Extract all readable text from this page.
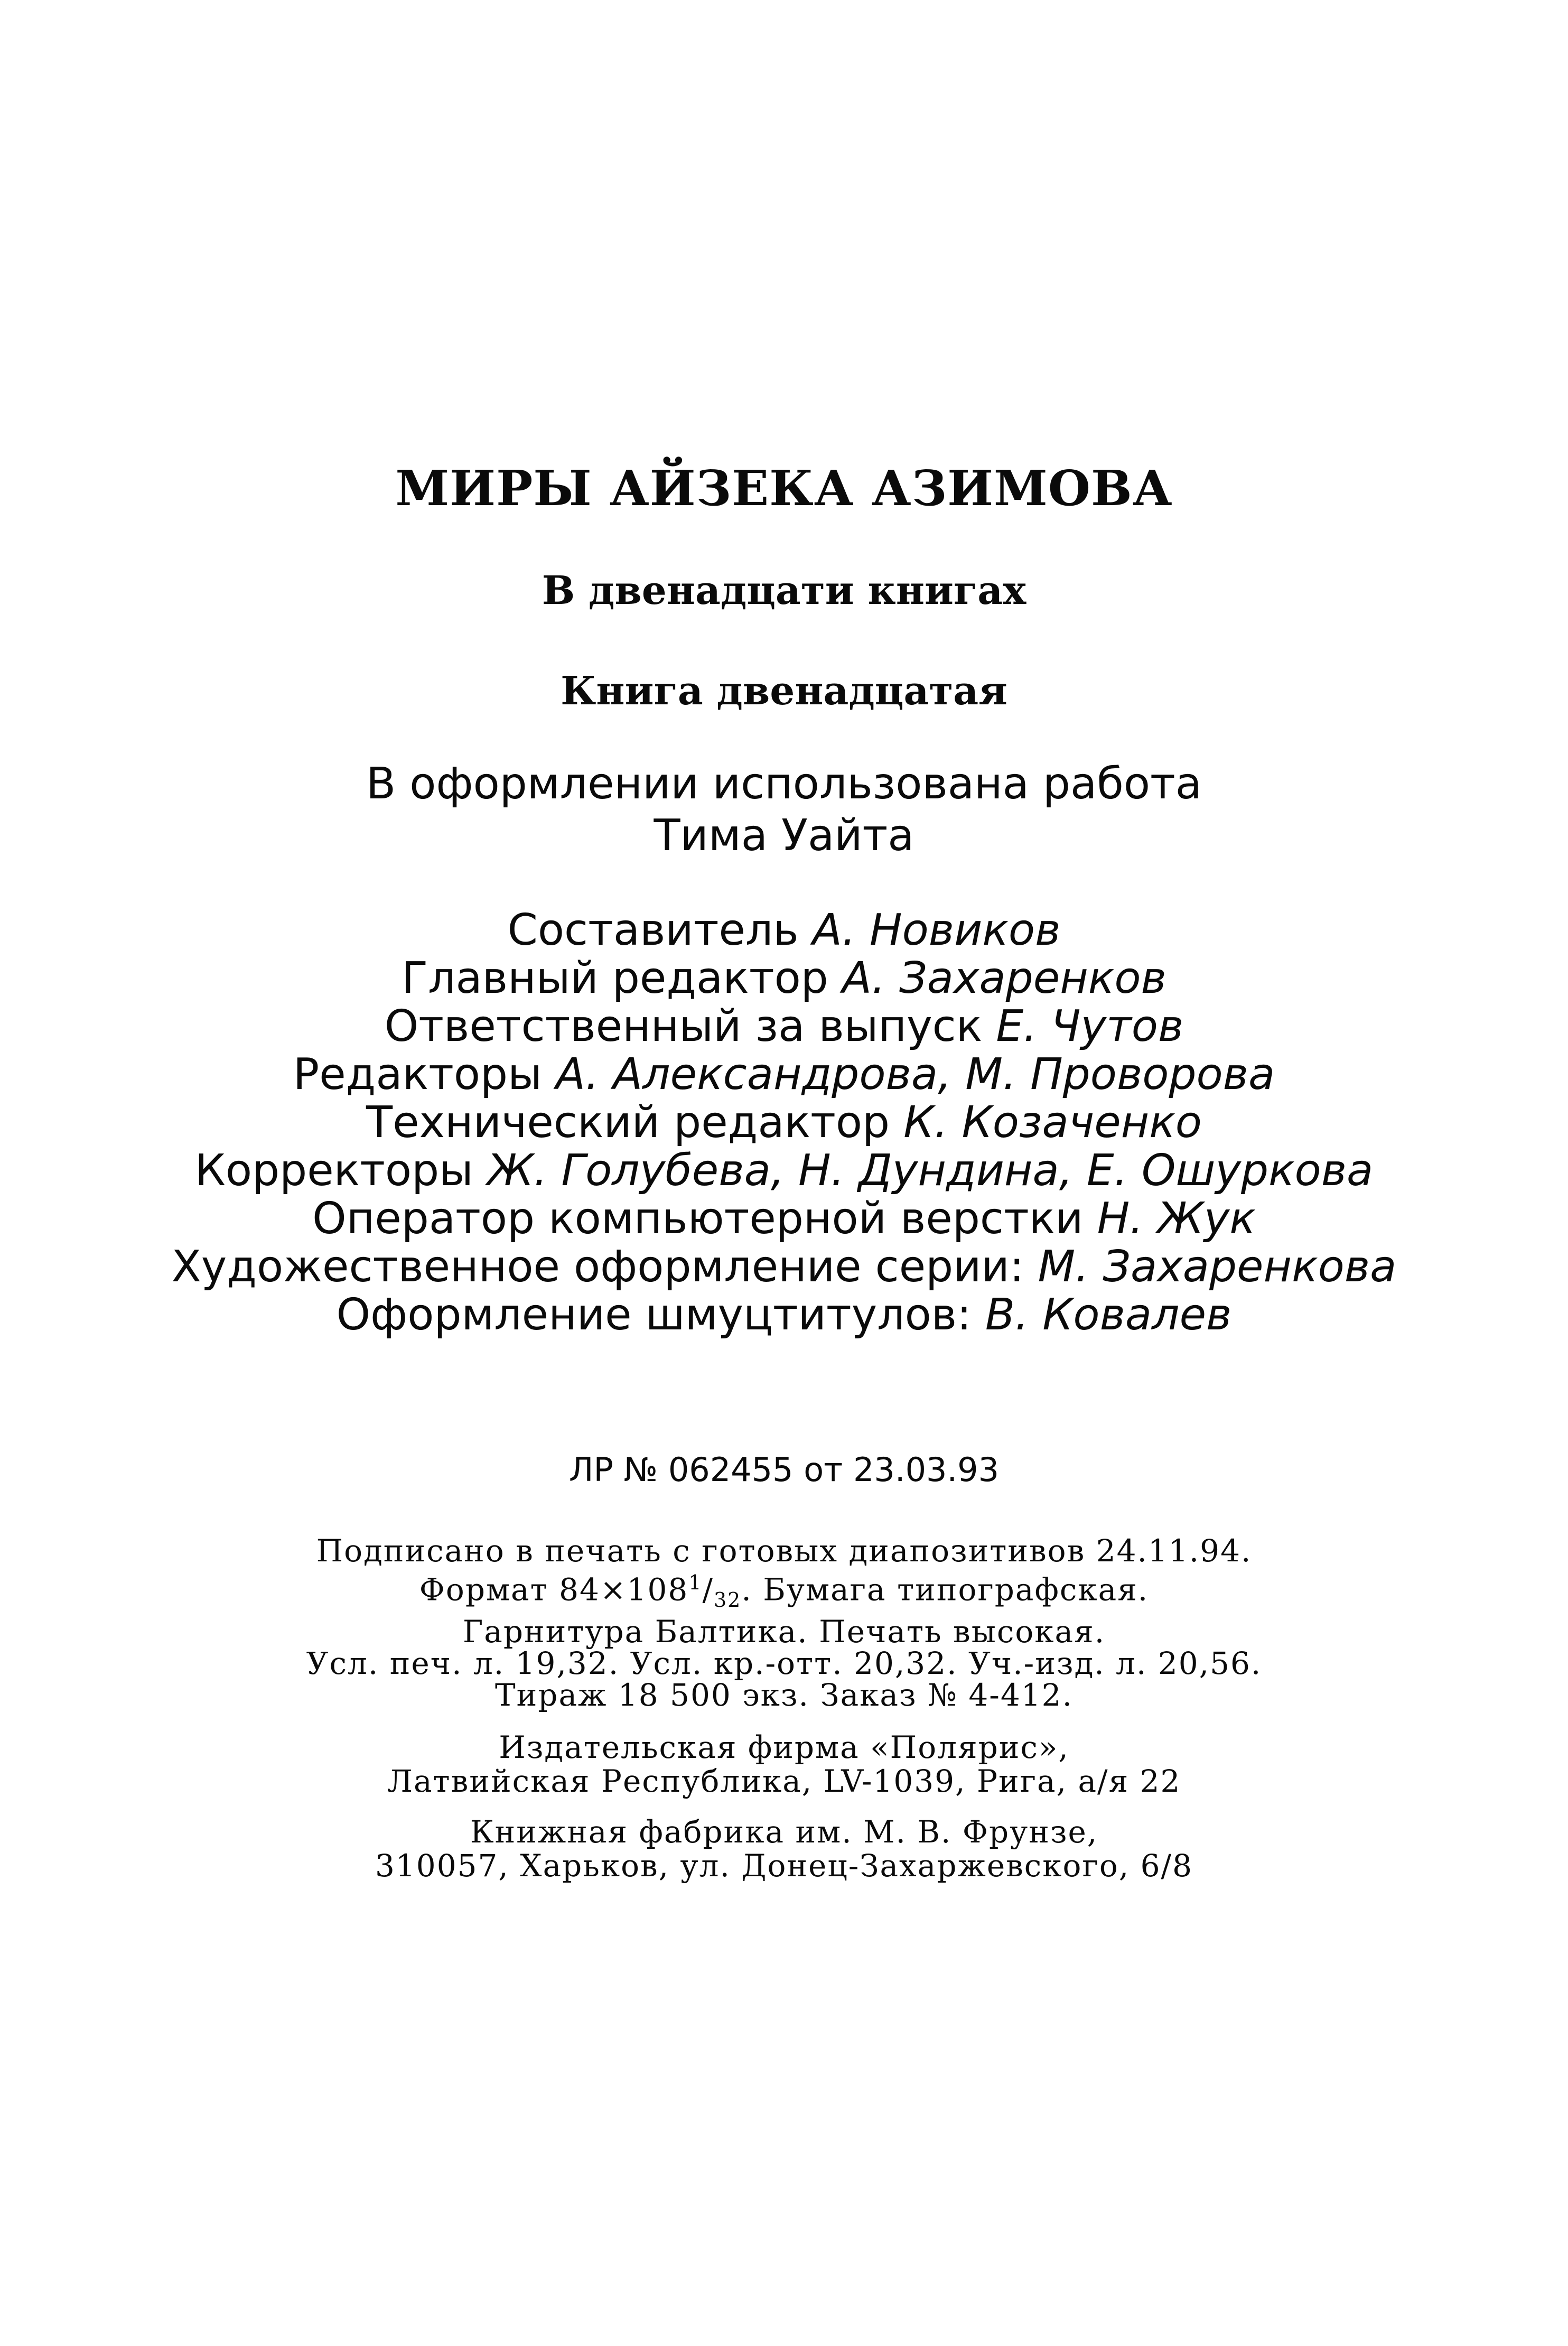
МИРЫ АЙЗЕКА АЗИМОВА
В двенадцати книгах
Книга двенадцатая
В оформлении использована работа
Тима Уайта
Составитель А. Новиков
Главный редактор А. Захаренков
Ответственный за выпуск Е. Чутов
Редакторы А. Александрова, М. Проворова
Технический редактор К. Козаченко
Корректоры Ж. Голубева, Н. Дундина, Е. Ошуркова
Оператор компьютерной верстки Н. Жук
Художественное оформление серии: М. Захаренкова
Оформление шмуцтитулов: В. Ковалев
ЛР № 062455 от 23.03.93
Подписано в печать с готовых диапозитивов 24.11.94.
Формат $84\times 108^1/_{32}$. Бумага типографская.
Гарнитура Балтика. Печать высокая.
Усл. печ. л. 19,32. Усл. кр.-отт. 20,32. Уч.-изд. л. 20,56.
Тираж 18 500 экз. Заказ № 4-412.
Издательская фирма «Полярис»,
Латвийская Республика, LV-1039, Рига, а/я 22
Книжная фабрика им. М. В. Фрунзе,
310057, Харьков, ул. Донец-Захаржевского, 6/8
